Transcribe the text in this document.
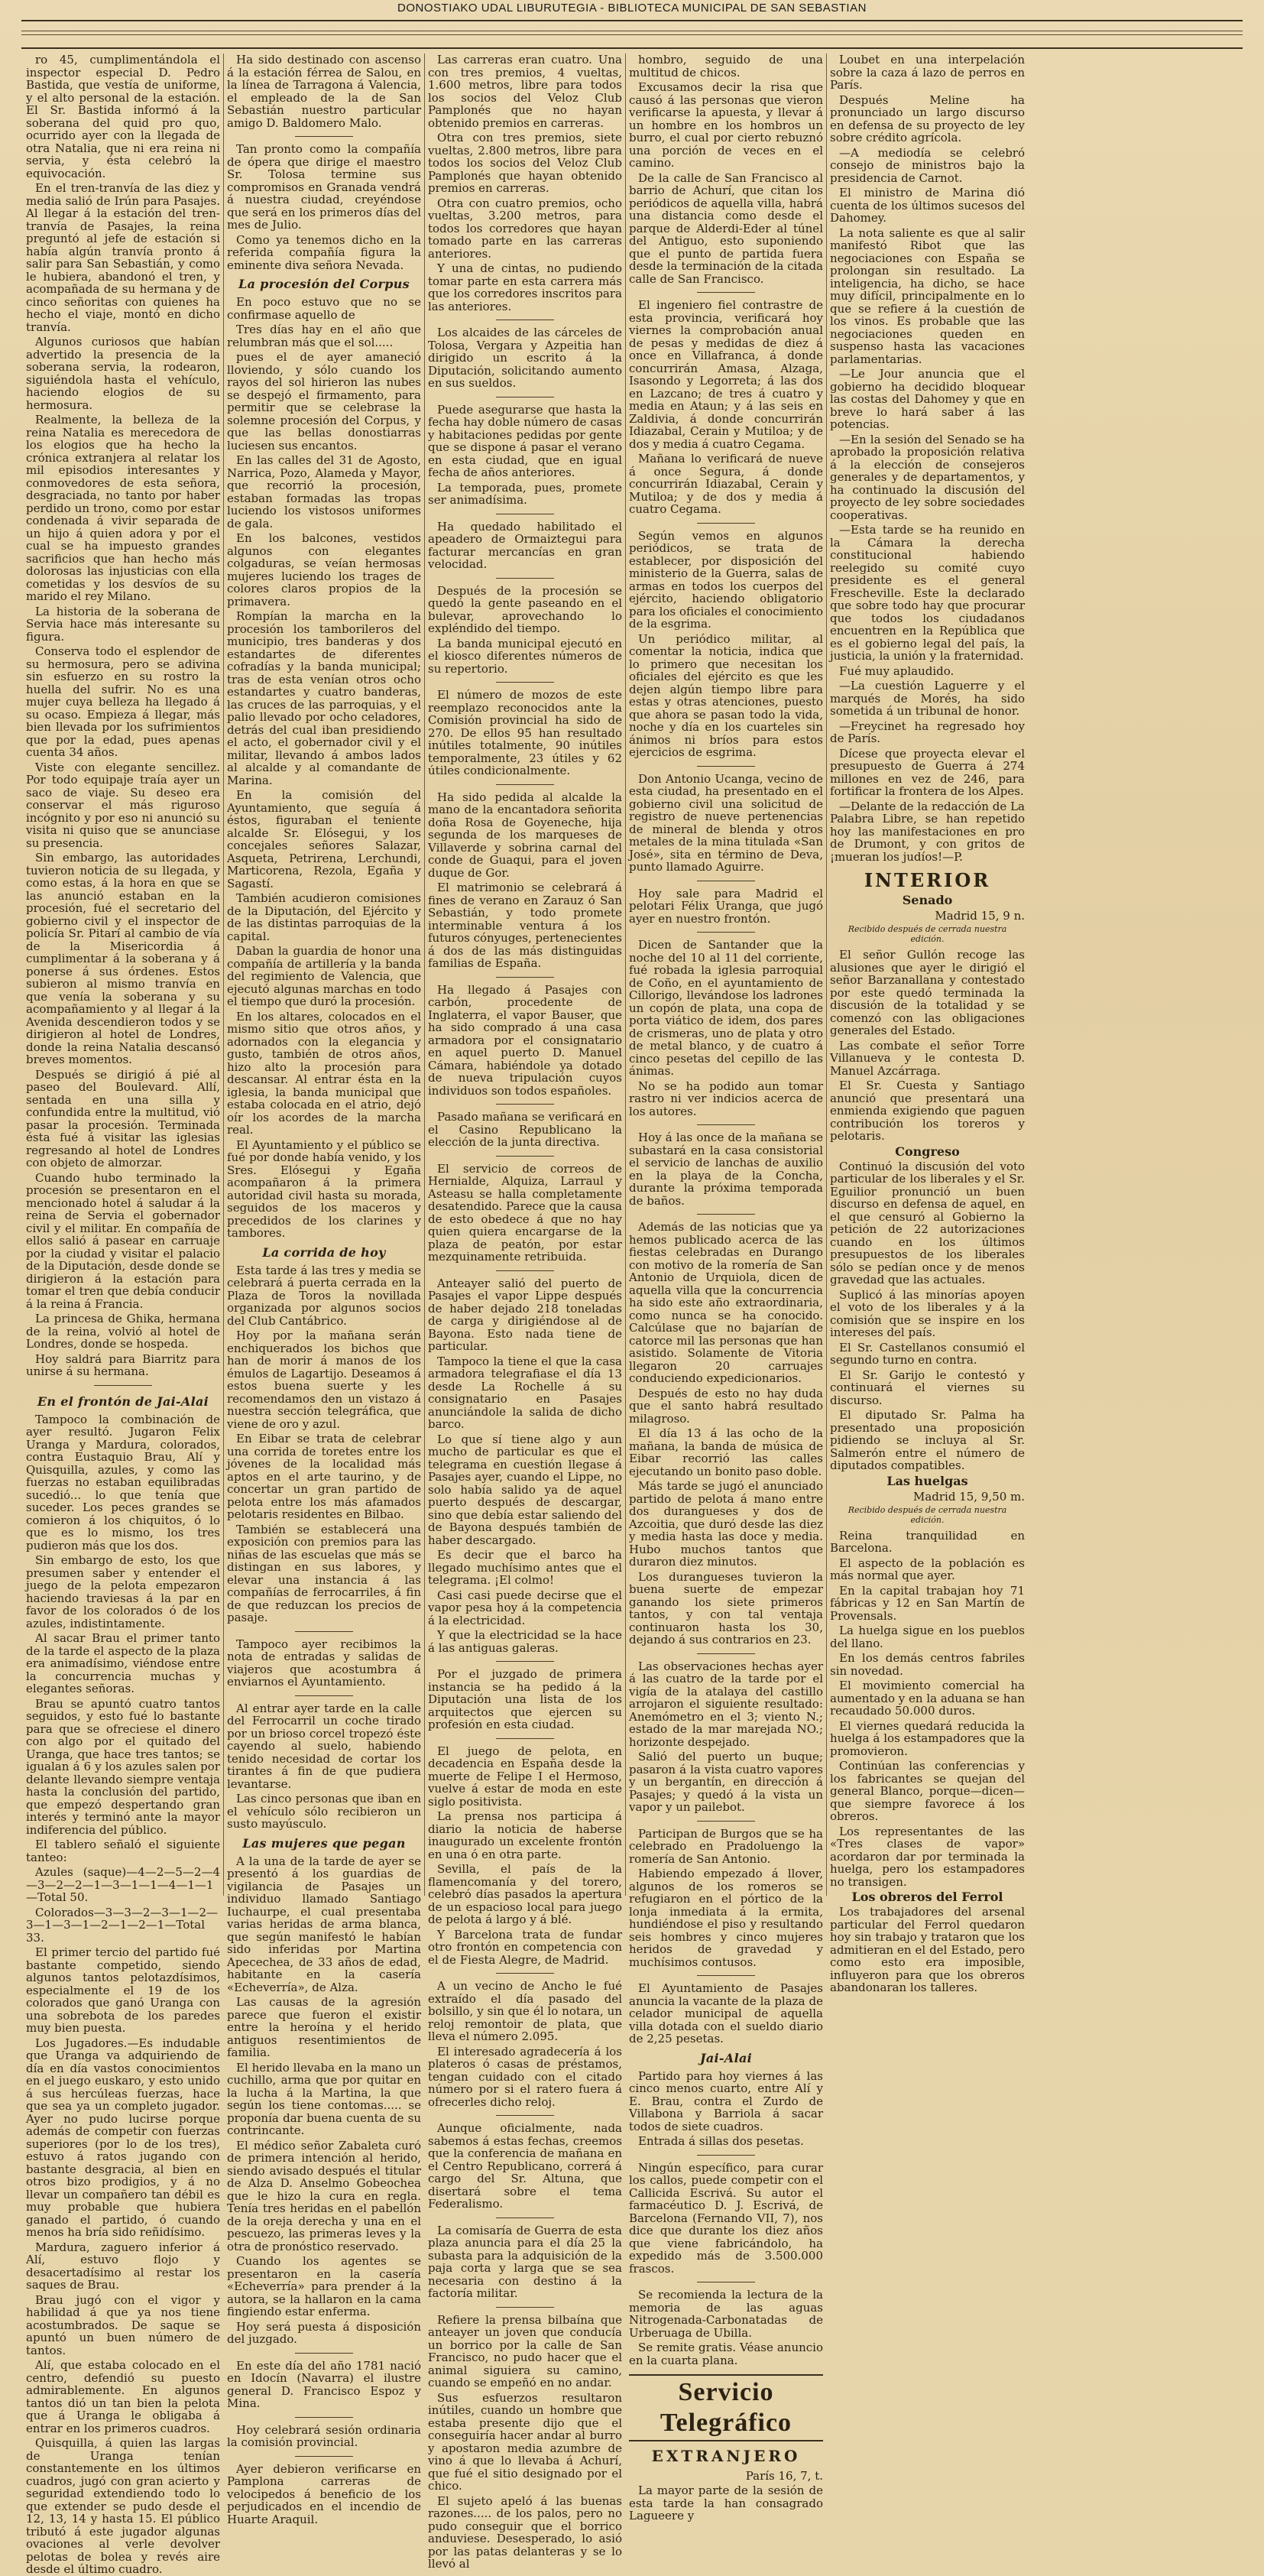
DONOSTIAKO UDAL LIBURUTEGIA - BIBLIOTECA MUNICIPAL DE SAN SEBASTIAN

ro 45, cumplimentándola el inspector especial D. Pedro Bastida, que vestía de uniforme, y el alto personal de la estación. El Sr. Bastida informó á la soberana del quid pro quo, ocurrido ayer con la llegada de otra Natalia, que ni era reina ni servia, y ésta celebró la equivocación.

En el tren-tranvía de las diez y media salió de Irún para Pasajes. Al llegar á la estación del tren-tranvía de Pasajes, la reina preguntó al jefe de estación si había algún tranvía pronto á salir para San Sebastián, y como le hubiera, abandonó el tren, y acompañada de su hermana y de cinco señoritas con quienes ha hecho el viaje, montó en dicho tranvía.

Algunos curiosos que habían advertido la presencia de la soberana servia, la rodearon, siguiéndola hasta el vehículo, haciendo elogios de su hermosura.

Realmente, la belleza de la reina Natalia es merecedora de los elogios que ha hecho la crónica extranjera al relatar los mil episodios interesantes y conmovedores de esta señora, desgraciada, no tanto por haber perdido un trono, como por estar condenada á vivir separada de un hijo á quien adora y por el cual se ha impuesto grandes sacrificios que han hecho más dolorosas las injusticias con ella cometidas y los desvíos de su marido el rey Milano.

La historia de la soberana de Servia hace más interesante su figura.

Conserva todo el esplendor de su hermosura, pero se adivina sin esfuerzo en su rostro la huella del sufrir. No es una mujer cuya belleza ha llegado á su ocaso. Empieza á llegar, más bien llevada por los sufrimientos que por la edad, pues apenas cuenta 34 años.

Viste con elegante sencillez. Por todo equipaje traía ayer un saco de viaje. Su deseo era conservar el más riguroso incógnito y por eso ni anunció su visita ni quiso que se anunciase su presencia.

Sin embargo, las autoridades tuvieron noticia de su llegada, y como estas, á la hora en que se las anunció estaban en la procesión, fué el secretario del gobierno civil y el inspector de policía Sr. Pitarí al cambio de vía de la Misericordia á cumplimentar á la soberana y á ponerse á sus órdenes. Estos subieron al mismo tranvía en que venía la soberana y su acompañamiento y al llegar á la Avenida descendieron todos y se dirigieron al hotel de Londres, donde la reina Natalia descansó breves momentos.

Después se dirigió á pié al paseo del Boulevard. Allí, sentada en una silla y confundida entre la multitud, vió pasar la procesión. Terminada ésta fué á visitar las iglesias regresando al hotel de Londres con objeto de almorzar.

Cuando hubo terminado la procesión se presentaron en el mencionado hotel á saludar á la reina de Servia el gobernador civil y el militar. En compañía de ellos salió á pasear en carruaje por la ciudad y visitar el palacio de la Diputación, desde donde se dirigieron á la estación para tomar el tren que debía conducir á la reina á Francia.

La princesa de Ghika, hermana de la reina, volvió al hotel de Londres, donde se hospeda.

Hoy saldrá para Biarritz para unirse á su hermana.

En el frontón de Jai-Alai

Tampoco la combinación de ayer resultó. Jugaron Felix Uranga y Mardura, colorados, contra Eustaquio Brau, Alí y Quisquilla, azules, y como las fuerzas no estaban equilibradas sucedió... lo que tenía que suceder. Los peces grandes se comieron á los chiquitos, ó lo que es lo mismo, los tres pudieron más que los dos.

Sin embargo de esto, los que presumen saber y entender el juego de la pelota empezaron haciendo traviesas á la par en favor de los colorados ó de los azules, indistintamente.

Al sacar Brau el primer tanto de la tarde el aspecto de la plaza era animadísimo, viéndose entre la concurrencia muchas y elegantes señoras.

Brau se apuntó cuatro tantos seguidos, y esto fué lo bastante para que se ofreciese el dinero con algo por el quitado del Uranga, que hace tres tantos; se igualan á 6 y los azules salen por delante llevando siempre ventaja hasta la conclusión del partido, que empezó despertando gran interés y terminó ante la mayor indiferencia del público.

El tablero señaló el siguiente tanteo:

Azules (saque)—4—2—5—2—4—3—2—2—1—3—1—1—4—1—1—Total 50.

Colorados—3—3—2—3—1—2—3—1—3—1—2—1—2—1—Total 33.

El primer tercio del partido fué bastante competido, siendo algunos tantos pelotazdísimos, especialmente el 19 de los colorados que ganó Uranga con una sobrebota de los paredes muy bien puesta.

Los Jugadores.—Es indudable que Uranga va adquiriendo de día en día vastos conocimientos en el juego euskaro, y esto unido á sus hercúleas fuerzas, hace que sea ya un completo jugador. Ayer no pudo lucirse porque además de competir con fuerzas superiores (por lo de los tres), estuvo á ratos jugando con bastante desgracia, al bien en otros bizo prodigios, y á no llevar un compañero tan débil es muy probable que hubiera ganado el partido, ó cuando menos ha bría sido reñidísimo.

Mardura, zaguero inferior á Alí, estuvo flojo y desacertadísimo al restar los saques de Brau.

Brau jugó con el vigor y habilidad á que ya nos tiene acostumbrados. De saque se apuntó un buen número de tantos.

Alí, que estaba colocado en el centro, defendió su puesto admirablemente. En algunos tantos dió un tan bien la pelota que á Uranga le obligaba á entrar en los primeros cuadros.

Quisquilla, á quien las largas de Uranga tenían constantemente en los últimos cuadros, jugó con gran acierto y seguridad extendiendo todo lo que extender se pudo desde el 12, 13, 14 y hasta 15. El público tributó á este jugador algunas ovaciones al verle devolver pelotas de bolea y revés aire desde el último cuadro.

Ha sido destinado con ascenso á la estación férrea de Salou, en la línea de Tarragona á Valencia, el empleado de la de San Sebastián nuestro particular amigo D. Baldomero Malo.

Tan pronto como la compañía de ópera que dirige el maestro Sr. Tolosa termine sus compromisos en Granada vendrá á nuestra ciudad, creyéndose que será en los primeros días del mes de Julio.

Como ya tenemos dicho en la referida compañía figura la eminente diva señora Nevada.

La procesión del Corpus

En poco estuvo que no se confirmase aquello de

Tres días hay en el año que relumbran más que el sol.....

pues el de ayer amaneció lloviendo, y sólo cuando los rayos del sol hirieron las nubes se despejó el firmamento, para permitir que se celebrase la solemne procesión del Corpus, y que las bellas donostiarras luciesen sus encantos.

En las calles del 31 de Agosto, Narrica, Pozo, Alameda y Mayor, que recorrió la procesión, estaban formadas las tropas luciendo los vistosos uniformes de gala.

En los balcones, vestidos algunos con elegantes colgaduras, se veían hermosas mujeres luciendo los trages de colores claros propios de la primavera.

Rompían la marcha en la procesión los tamborileros del municipio, tres banderas y dos estandartes de diferentes cofradías y la banda municipal; tras de esta venían otros ocho estandartes y cuatro banderas, las cruces de las parroquias, y el palio llevado por ocho celadores, detrás del cual iban presidiendo el acto, el gobernador civil y el militar, llevando á ambos lados al alcalde y al comandante de Marina.

En la comisión del Ayuntamiento, que seguía á éstos, figuraban el teniente alcalde Sr. Elósegui, y los concejales señores Salazar, Asqueta, Petrirena, Lerchundi, Marticorena, Rezola, Egaña y Sagastí.

También acudieron comisiones de la Diputación, del Ejército y de las distintas parroquias de la capital.

Daban la guardia de honor una compañía de artillería y la banda del regimiento de Valencia, que ejecutó algunas marchas en todo el tiempo que duró la procesión.

En los altares, colocados en el mismo sitio que otros años, y adornados con la elegancia y gusto, también de otros años, hizo alto la procesión para descansar. Al entrar ésta en la iglesia, la banda municipal que estaba colocada en el atrio, dejó oír los acordes de la marcha real.

El Ayuntamiento y el público se fué por donde había venido, y los Sres. Elósegui y Egaña acompañaron á la primera autoridad civil hasta su morada, seguidos de los maceros y precedidos de los clarines y tambores.

La corrida de hoy

Esta tarde á las tres y media se celebrará á puerta cerrada en la Plaza de Toros la novillada organizada por algunos socios del Club Cantábrico.

Hoy por la mañana serán enchiquerados los bichos que han de morir á manos de los émulos de Lagartijo. Deseamos á estos buena suerte y les recomendamos den un vistazo á nuestra sección telegráfica, que viene de oro y azul.

En Eibar se trata de celebrar una corrida de toretes entre los jóvenes de la localidad más aptos en el arte taurino, y de concertar un gran partido de pelota entre los más afamados pelotaris residentes en Bilbao.

También se establecerá una exposición con premios para las niñas de las escuelas que más se distingan en sus labores, y elevar una instancia á las compañías de ferrocarriles, á fin de que reduzcan los precios de pasaje.

Tampoco ayer recibimos la nota de entradas y salidas de viajeros que acostumbra á enviarnos el Ayuntamiento.

Al entrar ayer tarde en la calle del Ferrocarril un coche tirado por un brioso corcel tropezó éste cayendo al suelo, habiendo tenido necesidad de cortar los tirantes á fin de que pudiera levantarse.

Las cinco personas que iban en el vehículo sólo recibieron un susto mayúsculo.

Las mujeres que pegan

A la una de la tarde de ayer se presentó á los guardias de vigilancia de Pasajes un individuo llamado Santiago Iuchaurpe, el cual presentaba varias heridas de arma blanca, que según manifestó le habían sido inferidas por Martina Apecechea, de 33 años de edad, habitante en la casería «Echeverría», de Alza.

Las causas de la agresión parece que fueron el existir entre la heroína y el herido antiguos resentimientos de familia.

El herido llevaba en la mano un cuchillo, arma que por quitar en la lucha á la Martina, la que según los tiene contomas..... se proponía dar buena cuenta de su contrincante.

El médico señor Zabaleta curó de primera intención al herido, siendo avisado después el titular de Alza D. Anselmo Gobeochea que le hizo la cura en regla. Tenía tres heridas en el pabellón de la oreja derecha y una en el pescuezo, las primeras leves y la otra de pronóstico reservado.

Cuando los agentes se presentaron en la casería «Echeverría» para prender á la autora, se la hallaron en la cama fingiendo estar enferma.

Hoy será puesta á disposición del juzgado.

En este día del año 1781 nació en Idocín (Navarra) el ilustre general D. Francisco Espoz y Mina.

Hoy celebrará sesión ordinaria la comisión provincial.

Ayer debieron verificarse en Pamplona carreras de velocipedos á beneficio de los perjudicados en el incendio de Huarte Araquil.

Las carreras eran cuatro. Una con tres premios, 4 vueltas, 1.600 metros, libre para todos los socios del Veloz Club Pamplonés que no hayan obtenido premios en carreras.

Otra con tres premios, siete vueltas, 2.800 metros, libre para todos los socios del Veloz Club Pamplonés que hayan obtenido premios en carreras.

Otra con cuatro premios, ocho vueltas, 3.200 metros, para todos los corredores que hayan tomado parte en las carreras anteriores.

Y una de cintas, no pudiendo tomar parte en esta carrera más que los corredores inscritos para las anteriores.

Los alcaides de las cárceles de Tolosa, Vergara y Azpeitia han dirigido un escrito á la Diputación, solicitando aumento en sus sueldos.

Puede asegurarse que hasta la fecha hay doble número de casas y habitaciones pedidas por gente que se dispone á pasar el verano en esta ciudad, que en igual fecha de años anteriores.

La temporada, pues, promete ser animadísima.

Ha quedado habilitado el apeadero de Ormaiztegui para facturar mercancías en gran velocidad.

Después de la procesión se quedó la gente paseando en el bulevar, aprovechando lo expléndido del tiempo.

La banda municipal ejecutó en el kiosco diferentes números de su repertorio.

El número de mozos de este reemplazo reconocidos ante la Comisión provincial ha sido de 270. De ellos 95 han resultado inútiles totalmente, 90 inútiles temporalmente, 23 útiles y 62 útiles condicionalmente.

Ha sido pedida al alcalde la mano de la encantadora señorita doña Rosa de Goyeneche, hija segunda de los marqueses de Villaverde y sobrina carnal del conde de Guaqui, para el joven duque de Gor.

El matrimonio se celebrará á fines de verano en Zarauz ó San Sebastián, y todo promete interminable ventura á los futuros cónyuges, pertenecientes á dos de las más distinguidas familias de España.

Ha llegado á Pasajes con carbón, procedente de Inglaterra, el vapor Bauser, que ha sido comprado á una casa armadora por el consignatario en aquel puerto D. Manuel Cámara, habiéndole ya dotado de nueva tripulación cuyos individuos son todos españoles.

Pasado mañana se verificará en el Casino Republicano la elección de la junta directiva.

El servicio de correos de Hernialde, Alquiza, Larraul y Asteasu se halla completamente desatendido. Parece que la causa de esto obedece á que no hay quien quiera encargarse de la plaza de peatón, por estar mezquinamente retribuida.

Anteayer salió del puerto de Pasajes el vapor Lippe después de haber dejado 218 toneladas de carga y dirigiéndose al de Bayona. Esto nada tiene de particular.

Tampoco la tiene el que la casa armadora telegrafiase el día 13 desde La Rochelle á su consignatario en Pasajes anunciándole la salida de dicho barco.

Lo que sí tiene algo y aun mucho de particular es que el telegrama en cuestión llegase á Pasajes ayer, cuando el Lippe, no solo había salido ya de aquel puerto después de descargar, sino que debía estar saliendo del de Bayona después también de haber descargado.

Es decir que el barco ha llegado muchísimo antes que el telegrama. ¡El colmo!

Casi casi puede decirse que el vapor pesa hoy á la competencia á la electricidad.

Y que la electricidad se la hace á las antiguas galeras.

Por el juzgado de primera instancia se ha pedido á la Diputación una lista de los arquitectos que ejercen su profesión en esta ciudad.

El juego de pelota, en decadencia en España desde la muerte de Felipe I el Hermoso, vuelve á estar de moda en este siglo positivista.

La prensa nos participa á diario la noticia de haberse inaugurado un excelente frontón en una ó en otra parte.

Sevilla, el país de la flamencomanía y del torero, celebró días pasados la apertura de un espacioso local para juego de pelota á largo y á blé.

Y Barcelona trata de fundar otro frontón en competencia con el de Fiesta Alegre, de Madrid.

A un vecino de Ancho le fué extraído el día pasado del bolsillo, y sin que él lo notara, un reloj remontoir de plata, que lleva el número 2.095.

El interesado agradecería á los plateros ó casas de préstamos, tengan cuidado con el citado número por si el ratero fuera á ofrecerles dicho reloj.

Aunque oficialmente, nada sabemos á estas fechas, creemos que la conferencia de mañana en el Centro Republicano, correrá á cargo del Sr. Altuna, que disertará sobre el tema Federalismo.

La comisaría de Guerra de esta plaza anuncia para el día 25 la subasta para la adquisición de la paja corta y larga que se sea necesaria con destino á la factoría militar.

Refiere la prensa bilbaína que anteayer un joven que conducía un borrico por la calle de San Francisco, no pudo hacer que el animal siguiera su camino, cuando se empeñó en no andar.

Sus esfuerzos resultaron inútiles, cuando un hombre que estaba presente dijo que el conseguiría hacer andar al burro y apostaron media azumbre de vino á que lo llevaba á Achurí, que fué el sitio designado por el chico.

El sujeto apeló á las buenas razones..... de los palos, pero no pudo conseguir que el borrico anduviese. Desesperado, lo asió por las patas delanteras y se lo llevó al

hombro, seguido de una multitud de chicos.

Excusamos decir la risa que causó á las personas que vieron verificarse la apuesta, y llevar á un hombre en los hombros un burro, el cual por cierto rebuznó una porción de veces en el camino.

De la calle de San Francisco al barrio de Achurí, que citan los periódicos de aquella villa, habrá una distancia como desde el parque de Alderdi-Eder al túnel del Antiguo, esto suponiendo que el punto de partida fuera desde la terminación de la citada calle de San Francisco.

El ingeniero fiel contrastre de esta provincia, verificará hoy viernes la comprobación anual de pesas y medidas de diez á once en Villafranca, á donde concurrirán Amasa, Alzaga, Isasondo y Legorreta; á las dos en Lazcano; de tres á cuatro y media en Ataun; y á las seis en Zaldivia, á donde concurrirán Idiazabal, Cerain y Mutiloa; y de dos y media á cuatro Cegama.

Mañana lo verificará de nueve á once Segura, á donde concurrirán Idiazabal, Cerain y Mutiloa; y de dos y media á cuatro Cegama.

Según vemos en algunos periódicos, se trata de establecer, por disposición del ministerio de la Guerra, salas de armas en todos los cuerpos del ejército, haciendo obligatorio para los oficiales el conocimiento de la esgrima.

Un periódico militar, al comentar la noticia, indica que lo primero que necesitan los oficiales del ejército es que les dejen algún tiempo libre para estas y otras atenciones, puesto que ahora se pasan todo la vida, noche y día en los cuarteles sin ánimos ni bríos para estos ejercicios de esgrima.

Don Antonio Ucanga, vecino de esta ciudad, ha presentado en el gobierno civil una solicitud de registro de nueve pertenencias de mineral de blenda y otros metales de la mina titulada «San José», sita en término de Deva, punto llamado Aguirre.

Hoy sale para Madrid el pelotari Félix Uranga, que jugó ayer en nuestro frontón.

Dicen de Santander que la noche del 10 al 11 del corriente, fué robada la iglesia parroquial de Coño, en el ayuntamiento de Cillorigo, llevándose los ladrones un copón de plata, una copa de porta viático de idem, dos pares de crismeras, uno de plata y otro de metal blanco, y de cuatro á cinco pesetas del cepillo de las ánimas.

No se ha podido aun tomar rastro ni ver indicios acerca de los autores.

Hoy á las once de la mañana se subastará en la casa consistorial el servicio de lanchas de auxilio en la playa de la Concha, durante la próxima temporada de baños.

Además de las noticias que ya hemos publicado acerca de las fiestas celebradas en Durango con motivo de la romería de San Antonio de Urquiola, dicen de aquella villa que la concurrencia ha sido este año extraordinaria, como nunca se ha conocido. Calcúlase que no bajarían de catorce mil las personas que han asistido. Solamente de Vitoria llegaron 20 carruajes conduciendo expedicionarios.

Después de esto no hay duda que el santo habrá resultado milagroso.

El día 13 á las ocho de la mañana, la banda de música de Eibar recorrió las calles ejecutando un bonito paso doble.

Más tarde se jugó el anunciado partido de pelota á mano entre dos durangueses y dos de Azcoitia, que duró desde las diez y media hasta las doce y media. Hubo muchos tantos que duraron diez minutos.

Los durangueses tuvieron la buena suerte de empezar ganando los siete primeros tantos, y con tal ventaja continuaron hasta los 30, dejando á sus contrarios en 23.

Las observaciones hechas ayer á las cuatro de la tarde por el vigía de la atalaya del castillo arrojaron el siguiente resultado: Anemómetro en el 3; viento N.; estado de la mar marejada NO.; horizonte despejado.

Salió del puerto un buque; pasaron á la vista cuatro vapores y un bergantín, en dirección á Pasajes; y quedó á la vista un vapor y un pailebot.

Participan de Burgos que se ha celebrado en Pradoluengo la romería de San Antonio.

Habiendo empezado á llover, algunos de los romeros se refugiaron en el pórtico de la lonja inmediata á la ermita, hundiéndose el piso y resultando seis hombres y cinco mujeres heridos de gravedad y muchísimos contusos.

El Ayuntamiento de Pasajes anuncia la vacante de la plaza de celador municipal de aquella villa dotada con el sueldo diario de 2,25 pesetas.

Jai-Alai

Partido para hoy viernes á las cinco menos cuarto, entre Alí y E. Brau, contra el Zurdo de Villabona y Barriola á sacar todos de siete cuadros.

Entrada á sillas dos pesetas.

Ningún específico, para curar los callos, puede competir con el Callicida Escrivá. Su autor el farmacéutico D. J. Escrivá, de Barcelona (Fernando VII, 7), nos dice que durante los diez años que viene fabricándolo, ha expedido más de 3.500.000 frascos.

Se recomienda la lectura de la memoria de las aguas Nitrogenada-Carbonatadas de Urberuaga de Ubilla.

Se remite gratis. Véase anuncio en la cuarta plana.

Servicio Telegráfico
EXTRANJERO
París 16, 7, t.

La mayor parte de la sesión de esta tarde la han consagrado Lagueere y

Loubet en una interpelación sobre la caza á lazo de perros en París.

Después Meline ha pronunciado un largo discurso en defensa de su proyecto de ley sobre crédito agrícola.

—A mediodía se celebró consejo de ministros bajo la presidencia de Carnot.

El ministro de Marina dió cuenta de los últimos sucesos del Dahomey.

La nota saliente es que al salir manifestó Ribot que las negociaciones con España se prolongan sin resultado. La inteligencia, ha dicho, se hace muy difícil, principalmente en lo que se refiere á la cuestión de los vinos. Es probable que las negociaciones queden en suspenso hasta las vacaciones parlamentarias.

—Le Jour anuncia que el gobierno ha decidido bloquear las costas del Dahomey y que en breve lo hará saber á las potencias.

—En la sesión del Senado se ha aprobado la proposición relativa á la elección de consejeros generales y de departamentos, y ha continuado la discusión del proyecto de ley sobre sociedades cooperativas.

—Esta tarde se ha reunido en la Cámara la derecha constitucional habiendo reelegido su comité cuyo presidente es el general Frescheville. Este la declarado que sobre todo hay que procurar que todos los ciudadanos encuentren en la República que es el gobierno legal del país, la justicia, la unión y la fraternidad.

Fué muy aplaudido.

—La cuestión Laguerre y el marqués de Morés, ha sido sometida á un tribunal de honor.

—Freycinet ha regresado hoy de París.

Dícese que proyecta elevar el presupuesto de Guerra á 274 millones en vez de 246, para fortificar la frontera de los Alpes.

—Delante de la redacción de La Palabra Libre, se han repetido hoy las manifestaciones en pro de Drumont, y con gritos de ¡mueran los judíos!—P.

INTERIOR
Senado
Madrid 15, 9 n.
Recibido después de cerrada nuestra edición.

El señor Gullón recoge las alusiones que ayer le dirigió el señor Barzanallana y contestado por este quedó terminada la discusión de la totalidad y se comenzó con las obligaciones generales del Estado.

Las combate el señor Torre Villanueva y le contesta D. Manuel Azcárraga.

El Sr. Cuesta y Santiago anunció que presentará una enmienda exigiendo que paguen contribución los toreros y pelotaris.

Congreso

Continuó la discusión del voto particular de los liberales y el Sr. Eguilior pronunció un buen discurso en defensa de aquel, en el que censuró al Gobierno la petición de 22 autorizaciones cuando en los últimos presupuestos de los liberales sólo se pedían once y de menos gravedad que las actuales.

Suplicó á las minorías apoyen el voto de los liberales y á la comisión que se inspire en los intereses del país.

El Sr. Castellanos consumió el segundo turno en contra.

El Sr. Garijo le contestó y continuará el viernes su discurso.

El diputado Sr. Palma ha presentado una proposición pidiendo se incluya al Sr. Salmerón entre el número de diputados compatibles.

Las huelgas
Madrid 15, 9,50 m.
Recibido después de cerrada nuestra edición.

Reina tranquilidad en Barcelona.

El aspecto de la población es más normal que ayer.

En la capital trabajan hoy 71 fábricas y 12 en San Martín de Provensals.

La huelga sigue en los pueblos del llano.

En los demás centros fabriles sin novedad.

El movimiento comercial ha aumentado y en la aduana se han recaudado 50.000 duros.

El viernes quedará reducida la huelga á los estampadores que la promovieron.

Continúan las conferencias y los fabricantes se quejan del general Blanco, porque—dicen—que siempre favorece á los obreros.

Los representantes de las «Tres clases de vapor» acordaron dar por terminada la huelga, pero los estampadores no transigen.

Los obreros del Ferrol

Los trabajadores del arsenal particular del Ferrol quedaron hoy sin trabajo y trataron que los admitieran en el del Estado, pero como esto era imposible, influyeron para que los obreros abandonaran los talleres.
